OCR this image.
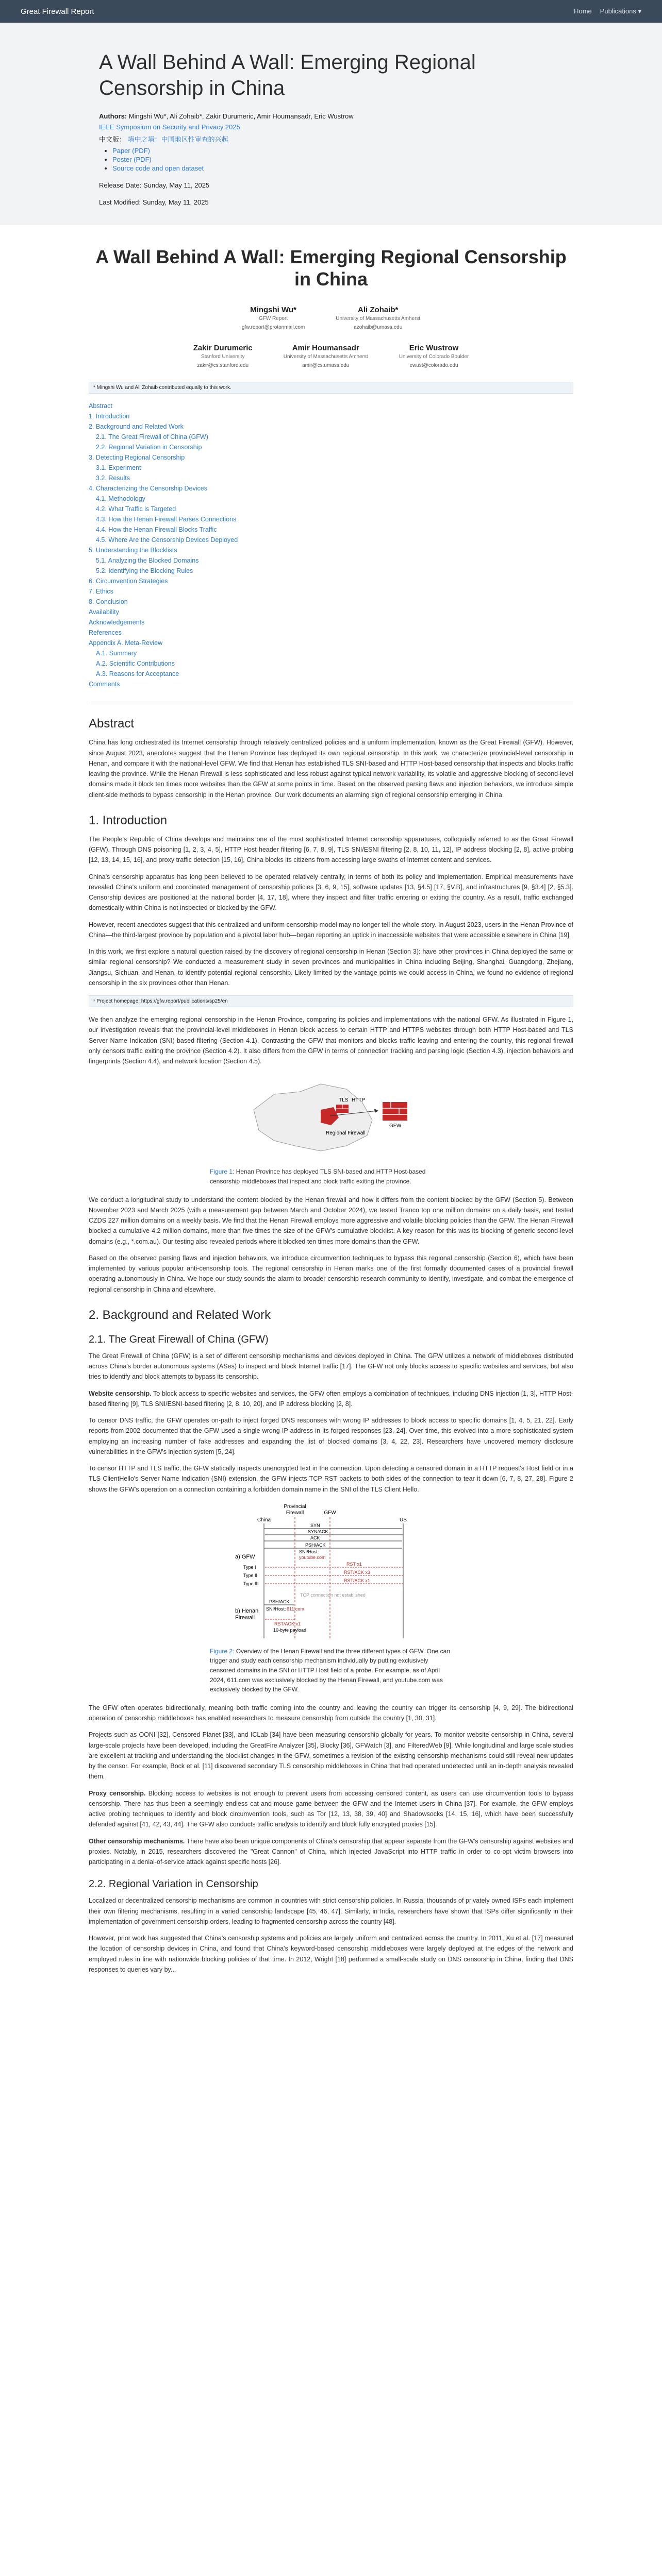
Great Firewall Report	Home Publications ▾
A Wall Behind A Wall: Emerging Regional Censorship in China
Authors: Mingshi Wu*, Ali Zohaib*, Zakir Durumeric, Amir Houmansadr, Eric Wustrow
IEEE Symposium on Security and Privacy 2025
中文版： 墙中之墙：中国地区性审查的兴起
• Paper (PDF)
• Poster (PDF)
• Source code and open dataset
Release Date: Sunday, May 11, 2025
Last Modified: Sunday, May 11, 2025
A Wall Behind A Wall: Emerging Regional Censorship in China
Mingshi Wu*
GFW Report
gfw.report@protonmail.com
Ali Zohaib*
University of Massachusetts Amherst
azohaib@umass.edu
Zakir Durumeric
Stanford University
zakir@cs.stanford.edu
Amir Houmansadr
University of Massachusetts Amherst
amir@cs.umass.edu
Eric Wustrow
University of Colorado Boulder
ewust@colorado.edu
* Mingshi Wu and Ali Zohaib contributed equally to this work.
Abstract
1. Introduction
2. Background and Related Work
2.1. The Great Firewall of China (GFW)
2.2. Regional Variation in Censorship
3. Detecting Regional Censorship
3.1. Experiment
3.2. Results
4. Characterizing the Censorship Devices
4.1. Methodology
4.2. What Traffic is Targeted
4.3. How the Henan Firewall Parses Connections
4.4. How the Henan Firewall Blocks Traffic
4.5. Where Are the Censorship Devices Deployed
5. Understanding the Blocklists
5.1. Analyzing the Blocked Domains
5.2. Identifying the Blocking Rules
6. Circumvention Strategies
7. Ethics
8. Conclusion
Availability
Acknowledgements
References
Appendix A. Meta-Review
A.1. Summary
A.2. Scientific Contributions
A.3. Reasons for Acceptance
Comments
Abstract

China has long orchestrated its Internet censorship through relatively centralized policies and a uniform implementation, known as the Great Firewall (GFW). However, since August 2023, anecdotes suggest that the Henan Province has deployed its own regional censorship. In this work, we characterize provincial-level censorship in Henan, and compare it with the national-level GFW. We find that Henan has established TLS SNI-based and HTTP Host-based censorship that inspects and blocks traffic leaving the province. While the Henan Firewall is less sophisticated and less robust against typical network variability, its volatile and aggressive blocking of second-level domains made it block ten times more websites than the GFW at some points in time. Based on the observed parsing flaws and injection behaviors, we introduce simple client-side methods to bypass censorship in the Henan province. Our work documents an alarming sign of regional censorship emerging in China.

1. Introduction

The People's Republic of China develops and maintains one of the most sophisticated Internet censorship apparatuses, colloquially referred to as the Great Firewall (GFW). Through DNS poisoning [1, 2, 3, 4, 5], HTTP Host header filtering [6, 7, 8, 9], TLS SNI/ESNI filtering [2, 8, 10, 11, 12], IP address blocking [2, 8], active probing [12, 13, 14, 15, 16], and proxy traffic detection [15, 16], China blocks its citizens from accessing large swaths of Internet content and services.

China's censorship apparatus has long been believed to be operated relatively centrally, in terms of both its policy and implementation. Empirical measurements have revealed China's uniform and coordinated management of censorship policies [3, 6, 9, 15], software updates [13, §4.5] [17, §V.B], and infrastructures [9, §3.4] [2, §5.3]. Censorship devices are positioned at the national border [4, 17, 18], where they inspect and filter traffic entering or exiting the country. As a result, traffic exchanged domestically within China is not inspected or blocked by the GFW.

However, recent anecdotes suggest that this centralized and uniform censorship model may no longer tell the whole story. In August 2023, users in the Henan Province of China—the third-largest province by population and a pivotal labor hub—began reporting an uptick in inaccessible websites that were accessible elsewhere in China [19].

In this work, we first explore a natural question raised by the discovery of regional censorship in Henan (Section 3): have other provinces in China deployed the same or similar regional censorship? We conducted a measurement study in seven provinces and municipalities in China including Beijing, Shanghai, Guangdong, Zhejiang, Jiangsu, Sichuan, and Henan, to identify potential regional censorship. Likely limited by the vantage points we could access in China, we found no evidence of regional censorship in the six provinces other than Henan.

¹ Project homepage: https://gfw.report/publications/sp25/en

We then analyze the emerging regional censorship in the Henan Province, comparing its policies and implementations with the national GFW. As illustrated in Figure 1, our investigation reveals that the provincial-level middleboxes in Henan block access to certain HTTP and HTTPS websites through both HTTP Host-based and TLS Server Name Indication (SNI)-based filtering (Section 4.1). Contrasting the GFW that monitors and blocks traffic leaving and entering the country, this regional firewall only censors traffic exiting the province (Section 4.2). It also differs from the GFW in terms of connection tracking and parsing logic (Section 4.3), injection behaviors and fingerprints (Section 4.4), and network location (Section 4.5).

TLS HTTP
Regional Firewall
GFW
Figure 1: Henan Province has deployed TLS SNI-based and HTTP Host-based censorship middleboxes that inspect and block traffic exiting the province.

We conduct a longitudinal study to understand the content blocked by the Henan firewall and how it differs from the content blocked by the GFW (Section 5). Between November 2023 and March 2025 (with a measurement gap between March and October 2024), we tested Tranco top one million domains on a daily basis, and tested CZDS 227 million domains on a weekly basis. We find that the Henan Firewall employs more aggressive and volatile blocking policies than the GFW. The Henan Firewall blocked a cumulative 4.2 million domains, more than five times the size of the GFW's cumulative blocklist. A key reason for this was its blocking of generic second-level domains (e.g., *.com.au). Our testing also revealed periods where it blocked ten times more domains than the GFW.

Based on the observed parsing flaws and injection behaviors, we introduce circumvention techniques to bypass this regional censorship (Section 6), which have been implemented by various popular anti-censorship tools. The regional censorship in Henan marks one of the first formally documented cases of a provincial firewall operating autonomously in China. We hope our study sounds the alarm to broader censorship research community to identify, investigate, and combat the emergence of regional censorship in China and elsewhere.

2. Background and Related Work
2.1. The Great Firewall of China (GFW)

The Great Firewall of China (GFW) is a set of different censorship mechanisms and devices deployed in China. The GFW utilizes a network of middleboxes distributed across China's border autonomous systems (ASes) to inspect and block Internet traffic [17]. The GFW not only blocks access to specific websites and services, but also tries to identify and block attempts to bypass its censorship.

Website censorship. To block access to specific websites and services, the GFW often employs a combination of techniques, including DNS injection [1, 3], HTTP Host-based filtering [9], TLS SNI/ESNI-based filtering [2, 8, 10, 20], and IP address blocking [2, 8].

To censor DNS traffic, the GFW operates on-path to inject forged DNS responses with wrong IP addresses to block access to specific domains [1, 4, 5, 21, 22]. Early reports from 2002 documented that the GFW used a single wrong IP address in its forged responses [23, 24]. Over time, this evolved into a more sophisticated system employing an increasing number of fake addresses and expanding the list of blocked domains [3, 4, 22, 23]. Researchers have uncovered memory disclosure vulnerabilities in the GFW's injection system [5, 24].

To censor HTTP and TLS traffic, the GFW statically inspects unencrypted text in the connection. Upon detecting a censored domain in a HTTP request's Host field or in a TLS ClientHello's Server Name Indication (SNI) extension, the GFW injects TCP RST packets to both sides of the connection to tear it down [6, 7, 8, 27, 28]. Figure 2 shows the GFW's operation on a connection containing a forbidden domain name in the SNI of the TLS Client Hello.

Provincial
Firewall	GFW
China	US
a) GFW
b) Henan
Firewall
SYN
SYN/ACK
ACK
PSH/ACK
SNI/Host:
youtube.com
Type I
RST x1
Type II
RST/ACK x3
Type III
RST/ACK x1
TCP connection not established
PSH/ACK
SNI/Host: 611.com
RST/ACK x1
10-byte payload
Figure 2: Overview of the Henan Firewall and the three different types of GFW. One can trigger and study each censorship mechanism individually by putting exclusively censored domains in the SNI or HTTP Host field of a probe. For example, as of April 2024, 611.com was exclusively blocked by the Henan Firewall, and youtube.com was exclusively blocked by the GFW.

The GFW often operates bidirectionally, meaning both traffic coming into the country and leaving the country can trigger its censorship [4, 9, 29]. The bidirectional operation of censorship middleboxes has enabled researchers to measure censorship from outside the country [1, 30, 31].

Projects such as OONI [32], Censored Planet [33], and ICLab [34] have been measuring censorship globally for years. To monitor website censorship in China, several large-scale projects have been developed, including the GreatFire Analyzer [35], Blocky [36], GFWatch [3], and FilteredWeb [9]. While longitudinal and large scale studies are excellent at tracking and understanding the blocklist changes in the GFW, sometimes a revision of the existing censorship mechanisms could still reveal new updates by the censor. For example, Bock et al. [11] discovered secondary TLS censorship middleboxes in China that had operated undetected until an in-depth analysis revealed them.

Proxy censorship. Blocking access to websites is not enough to prevent users from accessing censored content, as users can use circumvention tools to bypass censorship. There has thus been a seemingly endless cat-and-mouse game between the GFW and the Internet users in China [37]. For example, the GFW employs active probing techniques to identify and block circumvention tools, such as Tor [12, 13, 38, 39, 40] and Shadowsocks [14, 15, 16], which have been successfully defended against [41, 42, 43, 44]. The GFW also conducts traffic analysis to identify and block fully encrypted proxies [15].

Other censorship mechanisms. There have also been unique components of China's censorship that appear separate from the GFW's censorship against websites and proxies. Notably, in 2015, researchers discovered the "Great Cannon" of China, which injected JavaScript into HTTP traffic in order to co-opt victim browsers into participating in a denial-of-service attack against specific hosts [26].

2.2. Regional Variation in Censorship

Localized or decentralized censorship mechanisms are common in countries with strict censorship policies. In Russia, thousands of privately owned ISPs each implement their own filtering mechanisms, resulting in a varied censorship landscape [45, 46, 47]. Similarly, in India, researchers have shown that ISPs differ significantly in their implementation of government censorship orders, leading to fragmented censorship across the country [48].

However, prior work has suggested that China's censorship systems and policies are largely uniform and centralized across the country. In 2011, Xu et al. [17] measured the location of censorship devices in China, and found that China's keyword-based censorship middleboxes were largely deployed at the edges of the network and employed rules in line with nationwide blocking policies of that time. In 2012, Wright [18] performed a small-scale study on DNS censorship in China, finding that DNS responses to queries vary by...
